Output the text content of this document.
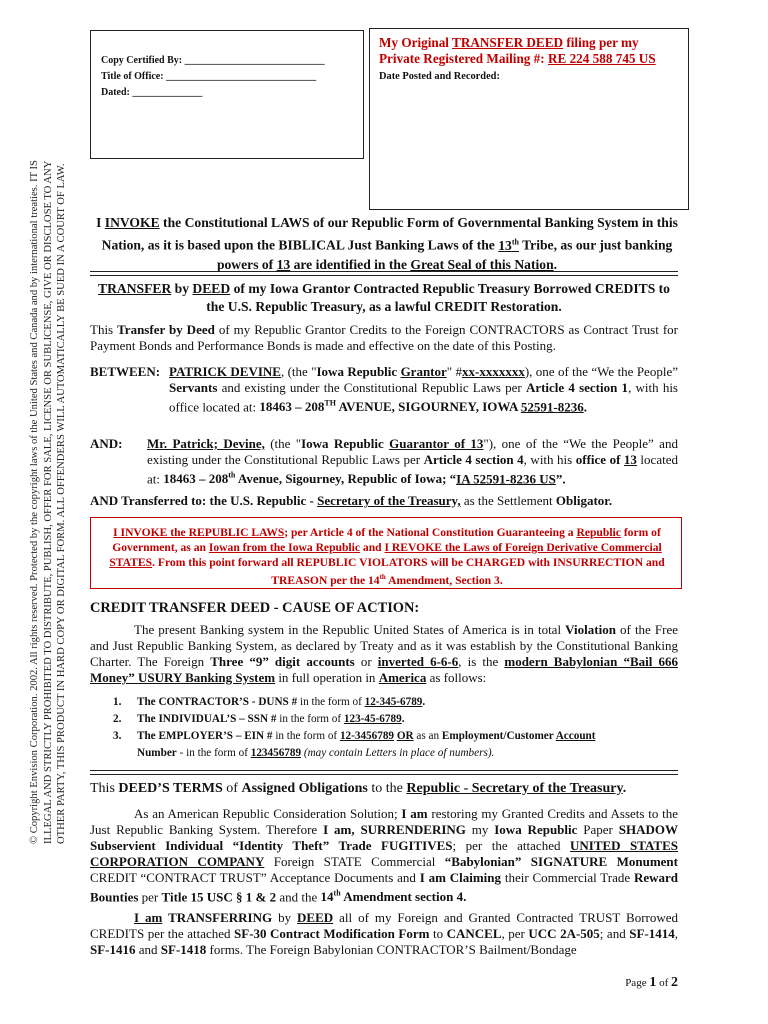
© Copyright Envision Corporation. 2002. All rights reserved. Protected by the copyright laws of the United States and Canada and by international treaties. IT IS ILLEGAL AND STRICTLY PROHIBITED TO DISTRIBUTE, PUBLISH, OFFER FOR SALE, LICENSE OR SUBLICENSE, GIVE OR DISCLOSE TO ANY OTHER PARTY, THIS PRODUCT IN HARD COPY OR DIGITAL FORM. ALL OFFENDERS WILL AUTOMATICALLY BE SUED IN A COURT OF LAW.
Copy Certified By: ____________________________
Title of Office: ______________________________
Dated: ______________
My Original TRANSFER DEED filing per my
Private Registered Mailing #: RE 224 588 745 US
Date Posted and Recorded:
I INVOKE the Constitutional LAWS of our Republic Form of Governmental Banking System in this Nation, as it is based upon the BIBLICAL Just Banking Laws of the 13th Tribe, as our just banking powers of 13 are identified in the Great Seal of this Nation.
TRANSFER by DEED of my Iowa Grantor Contracted Republic Treasury Borrowed CREDITS to the U.S. Republic Treasury, as a lawful CREDIT Restoration.
This Transfer by Deed of my Republic Grantor Credits to the Foreign CONTRACTORS as Contract Trust for Payment Bonds and Performance Bonds is made and effective on the date of this Posting.
BETWEEN: PATRICK DEVINE, (the "Iowa Republic Grantor" #xx-xxxxxxx), one of the “We the People” Servants and existing under the Constitutional Republic Laws per Article 4 section 1, with his office located at: 18463 – 208TH AVENUE, SIGOURNEY, IOWA 52591-8236.
AND: Mr. Patrick; Devine, (the "Iowa Republic Guarantor of 13"), one of the “We the People” and existing under the Constitutional Republic Laws per Article 4 section 4, with his office of 13 located at: 18463 – 208th Avenue, Sigourney, Republic of Iowa; “IA 52591-8236 US”.
AND Transferred to: the U.S. Republic - Secretary of the Treasury, as the Settlement Obligator.
I INVOKE the REPUBLIC LAWS; per Article 4 of the National Constitution Guaranteeing a Republic form of Government, as an Iowan from the Iowa Republic and I REVOKE the Laws of Foreign Derivative Commercial STATES. From this point forward all REPUBLIC VIOLATORS will be CHARGED with INSURRECTION and TREASON per the 14th Amendment, Section 3.
CREDIT TRANSFER DEED - CAUSE OF ACTION:
The present Banking system in the Republic United States of America is in total Violation of the Free and Just Republic Banking System, as declared by Treaty and as it was establish by the Constitutional Banking Charter. The Foreign Three “9” digit accounts or inverted 6-6-6, is the modern Babylonian “Bail 666 Money” USURY Banking System in full operation in America as follows:
1. The CONTRACTOR’S - DUNS # in the form of 12-345-6789.
2. The INDIVIDUAL’S – SSN # in the form of 123-45-6789.
3. The EMPLOYER’S – EIN # in the form of 12-3456789 OR as an Employment/Customer Account
Number - in the form of 123456789 (may contain Letters in place of numbers).
This DEED’S TERMS of Assigned Obligations to the Republic - Secretary of the Treasury.
As an American Republic Consideration Solution; I am restoring my Granted Credits and Assets to the Just Republic Banking System. Therefore I am, SURRENDERING my Iowa Republic Paper SHADOW Subservient Individual “Identity Theft” Trade FUGITIVES; per the attached UNITED STATES CORPORATION COMPANY Foreign STATE Commercial “Babylonian” SIGNATURE Monument CREDIT “CONTRACT TRUST” Acceptance Documents and I am Claiming their Commercial Trade Reward Bounties per Title 15 USC § 1 & 2 and the 14th Amendment section 4.
I am TRANSFERRING by DEED all of my Foreign and Granted Contracted TRUST Borrowed CREDITS per the attached SF-30 Contract Modification Form to CANCEL, per UCC 2A-505; and SF-1414, SF-1416 and SF-1418 forms. The Foreign Babylonian CONTRACTOR’S Bailment/Bondage
Page 1 of 2
